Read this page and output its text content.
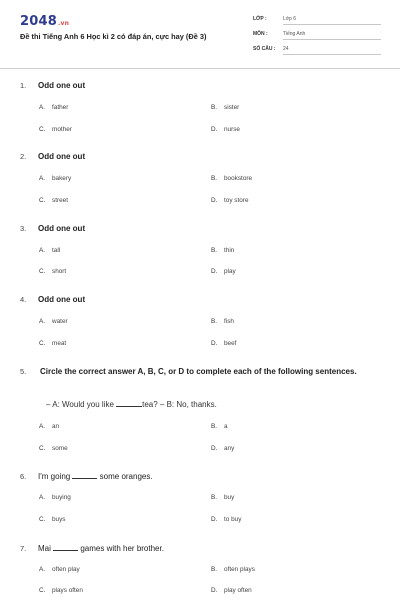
2048.vn
Đề thi Tiếng Anh 6 Học kì 2 có đáp án, cực hay (Đề 3)
LỚP :	Lớp 6
MÔN :	Tiếng Anh
SỐ CÂU : 24
1. Odd one out
A. father	B. sister
C. mother	D. nurse
2. Odd one out
A. bakery	B. bookstore
C. street	D. toy store
3. Odd one out
A. tall	B. thin
C. short	D. play
4. Odd one out
A. water	B. fish
C. meat	D. beef
5. Circle the correct answer A, B, C, or D to complete each of the following sentences.
– A: Would you like	tea? – B: No, thanks.
A. an	B. a
C. some	D. any
6. I'm going	some oranges.
A. buying	B. buy
C. buys	D. to buy
7. Mai	games with her brother.
A. often play	B. often plays
C. plays often	D. play often
